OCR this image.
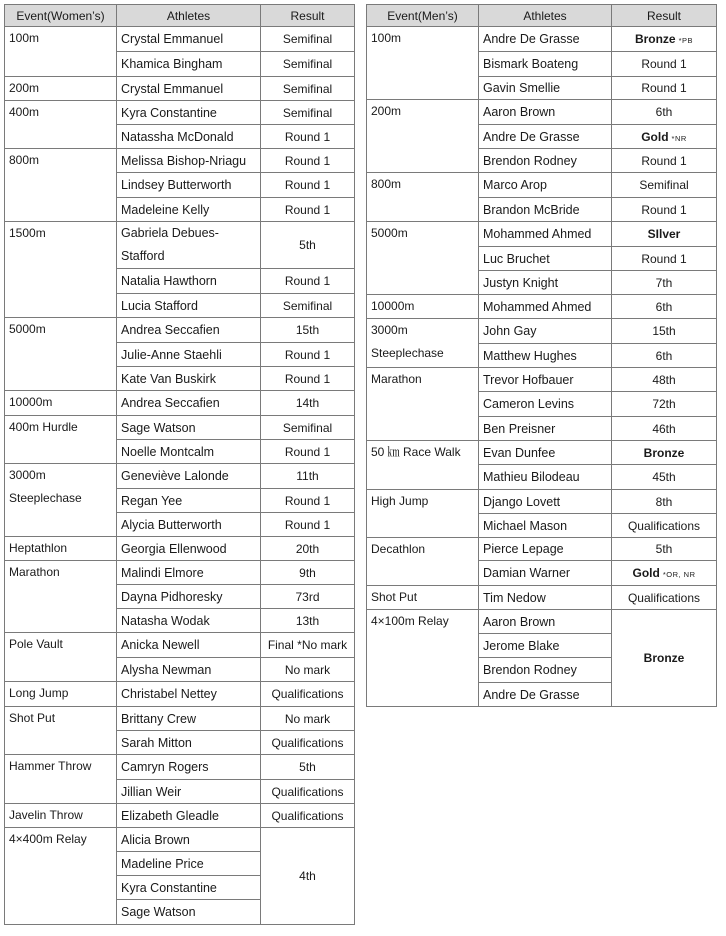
Event(Women’s)	Athletes	Result
100m	Crystal Emmanuel	Semifinal
	Khamica Bingham	Semifinal
200m	Crystal Emmanuel	Semifinal
400m	Kyra Constantine	Semifinal
	Natassha McDonald	Round 1
800m	Melissa Bishop-Nriagu	Round 1
	Lindsey Butterworth	Round 1
	Madeleine Kelly	Round 1
1500m	Gabriela Debues-Stafford	5th
	Natalia Hawthorn	Round 1
	Lucia Stafford	Semifinal
5000m	Andrea Seccafien	15th
	Julie-Anne Staehli	Round 1
	Kate Van Buskirk	Round 1
10000m	Andrea Seccafien	14th
400m Hurdle	Sage Watson	Semifinal
	Noelle Montcalm	Round 1
3000m Steeplechase	Geneviève Lalonde	11th
	Regan Yee	Round 1
	Alycia Butterworth	Round 1
Heptathlon	Georgia Ellenwood	20th
Marathon	Malindi Elmore	9th
	Dayna Pidhoresky	73rd
	Natasha Wodak	13th
Pole Vault	Anicka Newell	Final *No mark
	Alysha Newman	No mark
Long Jump	Christabel Nettey	Qualifications
Shot Put	Brittany Crew	No mark
	Sarah Mitton	Qualifications
Hammer Throw	Camryn Rogers	5th
	Jillian Weir	Qualifications
Javelin Throw	Elizabeth Gleadle	Qualifications
4×400m Relay	Alicia Brown	4th
	Madeline Price	
	Kyra Constantine	
	Sage Watson	
Event(Men’s)	Athletes	Result
100m	Andre De Grasse	Bronze *PB
	Bismark Boateng	Round 1
	Gavin Smellie	Round 1
200m	Aaron Brown	6th
	Andre De Grasse	Gold *NR
	Brendon Rodney	Round 1
800m	Marco Arop	Semifinal
	Brandon McBride	Round 1
5000m	Mohammed Ahmed	SIlver
	Luc Bruchet	Round 1
	Justyn Knight	7th
10000m	Mohammed Ahmed	6th
3000m Steeplechase	John Gay	15th
	Matthew Hughes	6th
Marathon	Trevor Hofbauer	48th
	Cameron Levins	72th
	Ben Preisner	46th
50 ㎞ Race Walk	Evan Dunfee	Bronze
	Mathieu Bilodeau	45th
High Jump	Django Lovett	8th
	Michael Mason	Qualifications
Decathlon	Pierce Lepage	5th
	Damian Warner	Gold *OR, NR
Shot Put	Tim Nedow	Qualifications
4×100m Relay	Aaron Brown	Bronze
	Jerome Blake	
	Brendon Rodney	
	Andre De Grasse	
